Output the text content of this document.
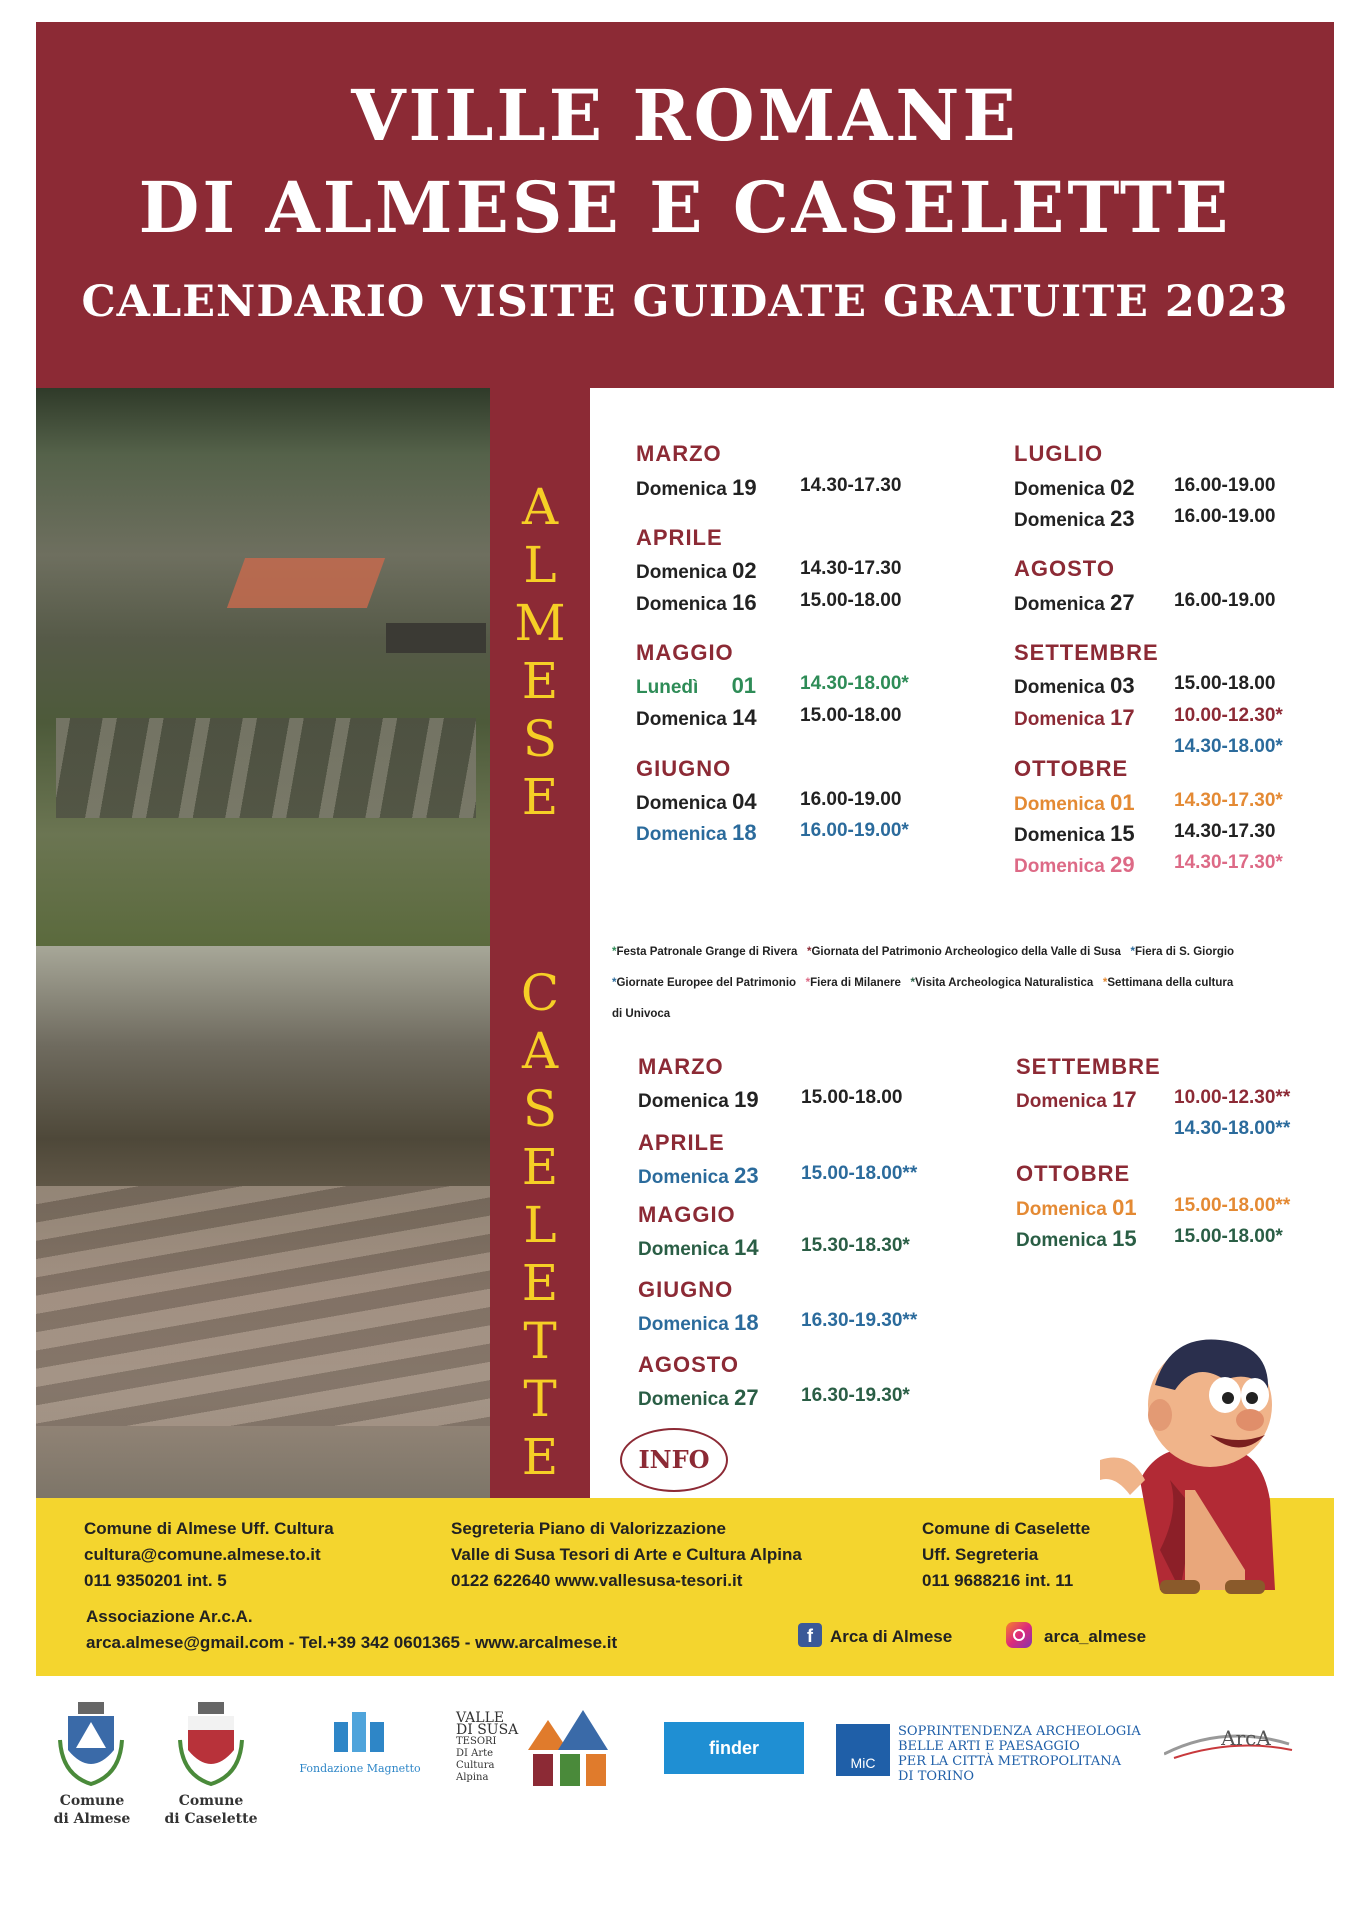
VILLE ROMANE
DI ALMESE E CASELETTE
CALENDARIO VISITE GUIDATE GRATUITE 2023
A
L
M
E
S
E
C
A
S
E
L
E
T
T
E
MARZO
Domenica 19 14.30-17.30
APRILE
Domenica 02 14.30-17.30
Domenica 16 15.00-18.00
MAGGIO
Lunedì 01 14.30-18.00*
Domenica 14 15.00-18.00
GIUGNO
Domenica 04 16.00-19.00
Domenica 18 16.00-19.00*
LUGLIO
Domenica 02 16.00-19.00
Domenica 23 16.00-19.00
AGOSTO
Domenica 27 16.00-19.00
SETTEMBRE
Domenica 03 15.00-18.00
Domenica 17 10.00-12.30*
14.30-18.00*
OTTOBRE
Domenica 01 14.30-17.30*
Domenica 15 14.30-17.30
Domenica 29 14.30-17.30*
*Festa Patronale Grange di Rivera *Giornata del Patrimonio Archeologico della Valle di Susa *Fiera di S. Giorgio
*Giornate Europee del Patrimonio *Fiera di Milanere *Visita Archeologica Naturalistica *Settimana della cultura
di Univoca
MARZO
Domenica 19 15.00-18.00
APRILE
Domenica 23 15.00-18.00**
MAGGIO
Domenica 14 15.30-18.30*
GIUGNO
Domenica 18 16.30-19.30**
AGOSTO
Domenica 27 16.30-19.30*
SETTEMBRE
Domenica 17 10.00-12.30**
14.30-18.00**
OTTOBRE
Domenica 01 15.00-18.00**
Domenica 15 15.00-18.00*
INFO
Comune di Almese Uff. Cultura
cultura@comune.almese.to.it
011 9350201 int. 5
Segreteria Piano di Valorizzazione
Valle di Susa Tesori di Arte e Cultura Alpina
0122 622640 www.vallesusa-tesori.it
Comune di Caselette
Uff. Segreteria
011 9688216 int. 11
Associazione Ar.c.A.
arca.almese@gmail.com - Tel.+39 342 0601365 - www.arcalmese.it	f	Arca di Almese	arca_almese
Comune
di Almese
Comune
di Caselette
Fondazione Magnetto
VALLE
DI SUSA
TESORI
DI Arte
Cultura
Alpina
finder
MiC
SOPRINTENDENZA ARCHEOLOGIA
BELLE ARTI E PAESAGGIO
PER LA CITTÀ METROPOLITANA
DI TORINO
ArcA
